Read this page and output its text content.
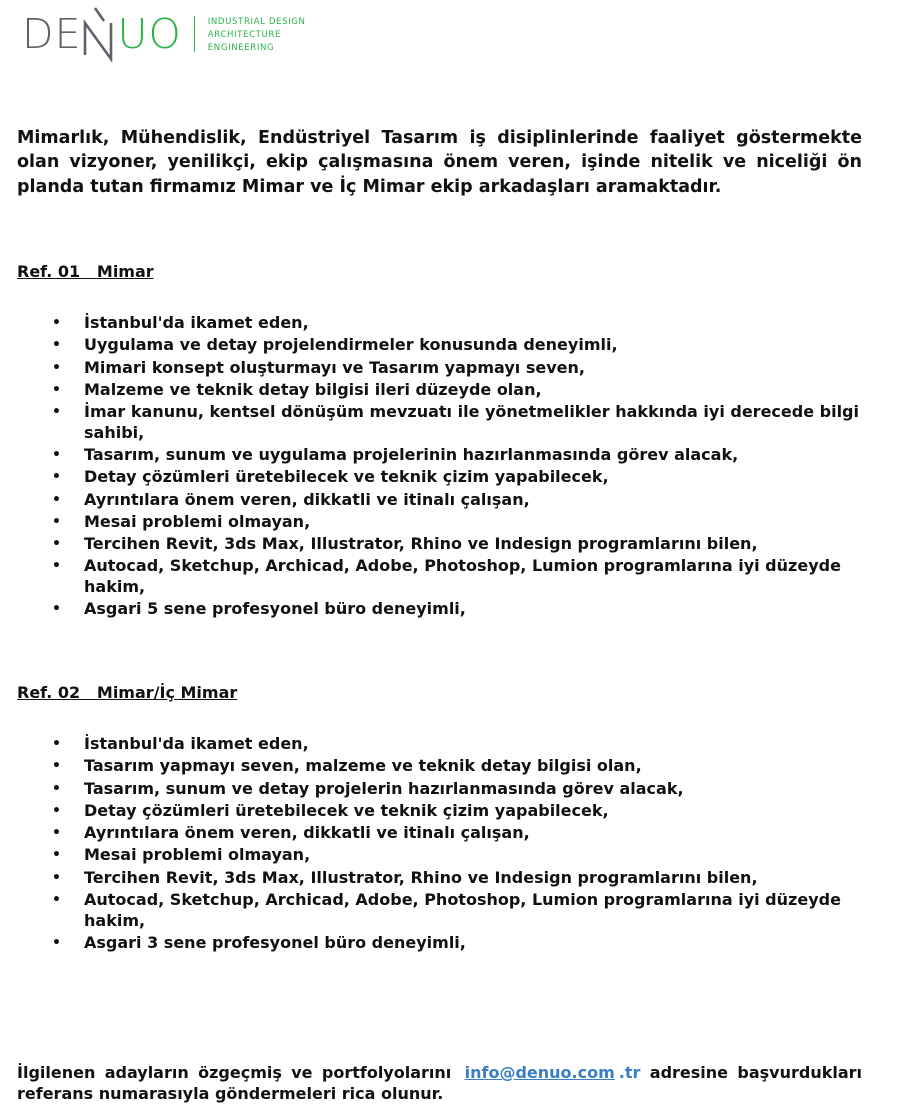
DE UO	INDUSTRIAL DESIGN
ARCHITECTURE
ENGINEERING

Mimarlık, Mühendislik, Endüstriyel Tasarım iş disiplinlerinde faaliyet göstermekte olan vizyoner, yenilikçi, ekip çalışmasına önem veren, işinde nitelik ve niceliği ön planda tutan firmamız Mimar ve İç Mimar ekip arkadaşları aramaktadır.

Ref. 01 Mimar
• İstanbul'da ikamet eden,
• Uygulama ve detay projelendirmeler konusunda deneyimli,
• Mimari konsept oluşturmayı ve Tasarım yapmayı seven,
• Malzeme ve teknik detay bilgisi ileri düzeyde olan,
• İmar kanunu, kentsel dönüşüm mevzuatı ile yönetmelikler hakkında iyi derecede bilgi sahibi,
• Tasarım, sunum ve uygulama projelerinin hazırlanmasında görev alacak,
• Detay çözümleri üretebilecek ve teknik çizim yapabilecek,
• Ayrıntılara önem veren, dikkatli ve itinalı çalışan,
• Mesai problemi olmayan,
• Tercihen Revit, 3ds Max, Illustrator, Rhino ve Indesign programlarını bilen,
• Autocad, Sketchup, Archicad, Adobe, Photoshop, Lumion programlarına iyi düzeyde hakim,
• Asgari 5 sene profesyonel büro deneyimli,
Ref. 02 Mimar/İç Mimar
• İstanbul'da ikamet eden,
• Tasarım yapmayı seven, malzeme ve teknik detay bilgisi olan,
• Tasarım, sunum ve detay projelerin hazırlanmasında görev alacak,
• Detay çözümleri üretebilecek ve teknik çizim yapabilecek,
• Ayrıntılara önem veren, dikkatli ve itinalı çalışan,
• Mesai problemi olmayan,
• Tercihen Revit, 3ds Max, Illustrator, Rhino ve Indesign programlarını bilen,
• Autocad, Sketchup, Archicad, Adobe, Photoshop, Lumion programlarına iyi düzeyde hakim,
• Asgari 3 sene profesyonel büro deneyimli,

İlgilenen adayların özgeçmiş ve portfolyolarını info@denuo.com .tr adresine başvurdukları referans numarasıyla göndermeleri rica olunur.
